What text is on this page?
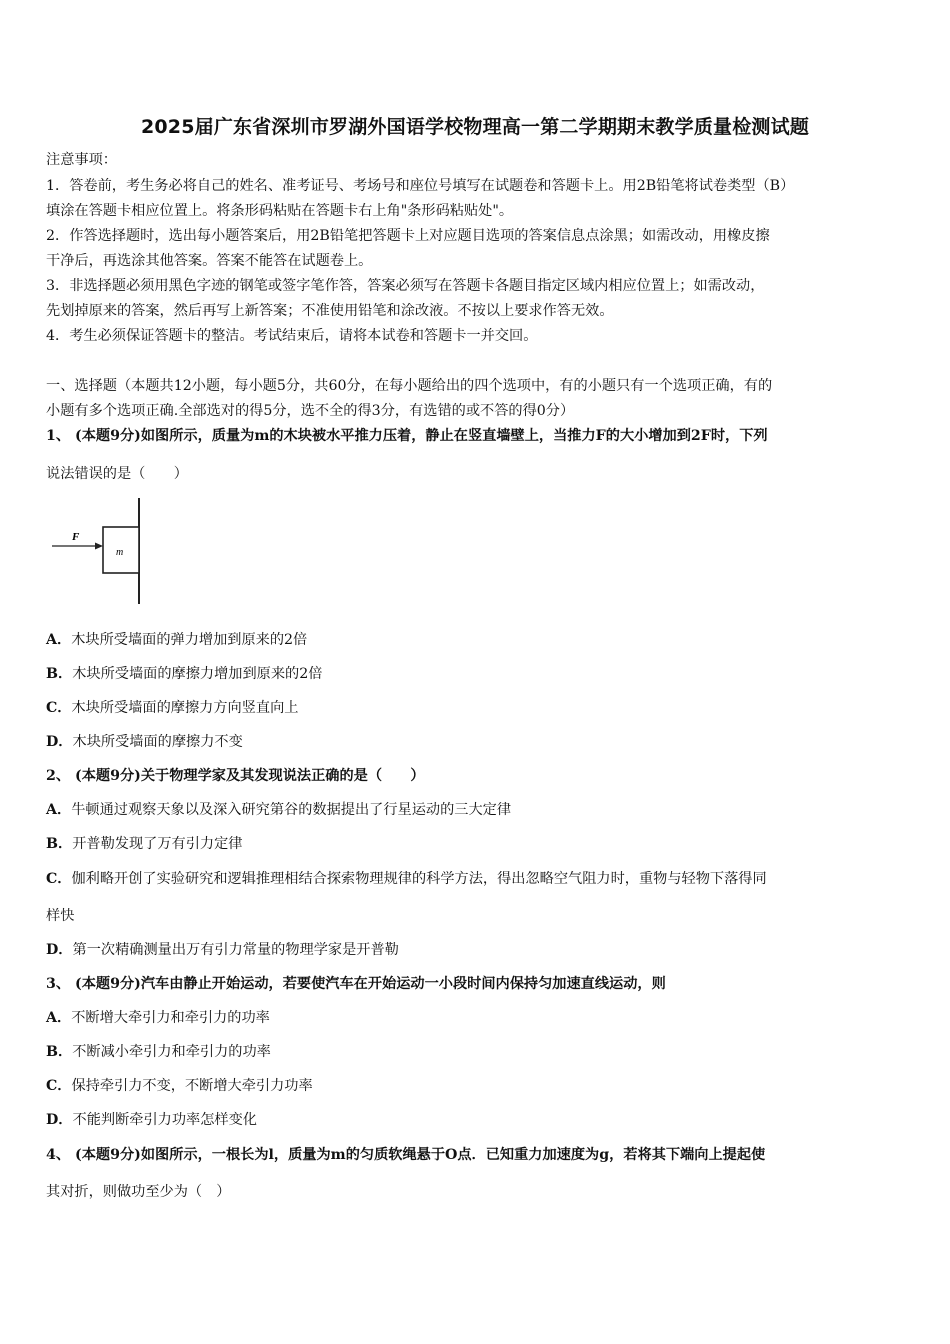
2025届广东省深圳市罗湖外国语学校物理高一第二学期期末教学质量检测试题
注意事项：
1．答卷前，考生务必将自己的姓名、准考证号、考场号和座位号填写在试题卷和答题卡上。用2B铅笔将试卷类型（B）
填涂在答题卡相应位置上。将条形码粘贴在答题卡右上角"条形码粘贴处"。
2．作答选择题时，选出每小题答案后，用2B铅笔把答题卡上对应题目选项的答案信息点涂黑；如需改动，用橡皮擦
干净后，再选涂其他答案。答案不能答在试题卷上。
3．非选择题必须用黑色字迹的钢笔或签字笔作答，答案必须写在答题卡各题目指定区域内相应位置上；如需改动，
先划掉原来的答案，然后再写上新答案；不准使用铅笔和涂改液。不按以上要求作答无效。
4．考生必须保证答题卡的整洁。考试结束后，请将本试卷和答题卡一并交回。
一、选择题（本题共12小题，每小题5分，共60分，在每小题给出的四个选项中，有的小题只有一个选项正确，有的
小题有多个选项正确.全部选对的得5分，选不全的得3分，有选错的或不答的得0分）
1、 (本题9分)如图所示，质量为m的木块被水平推力压着，静止在竖直墙壁上，当推力F的大小增加到2F时，下列
说法错误的是（　　）
F
m
A．木块所受墙面的弹力增加到原来的2倍
B．木块所受墙面的摩擦力增加到原来的2倍
C．木块所受墙面的摩擦力方向竖直向上
D．木块所受墙面的摩擦力不变
2、 (本题9分)关于物理学家及其发现说法正确的是（　　）
A．牛顿通过观察天象以及深入研究第谷的数据提出了行星运动的三大定律
B．开普勒发现了万有引力定律
C．伽利略开创了实验研究和逻辑推理相结合探索物理规律的科学方法，得出忽略空气阻力时，重物与轻物下落得同
样快
D．第一次精确测量出万有引力常量的物理学家是开普勒
3、 (本题9分)汽车由静止开始运动，若要使汽车在开始运动一小段时间内保持匀加速直线运动，则
A．不断增大牵引力和牵引力的功率
B．不断减小牵引力和牵引力的功率
C．保持牵引力不变，不断增大牵引力功率
D．不能判断牵引力功率怎样变化
4、 (本题9分)如图所示，一根长为l，质量为m的匀质软绳悬于O点．已知重力加速度为g，若将其下端向上提起使
其对折，则做功至少为（　）
